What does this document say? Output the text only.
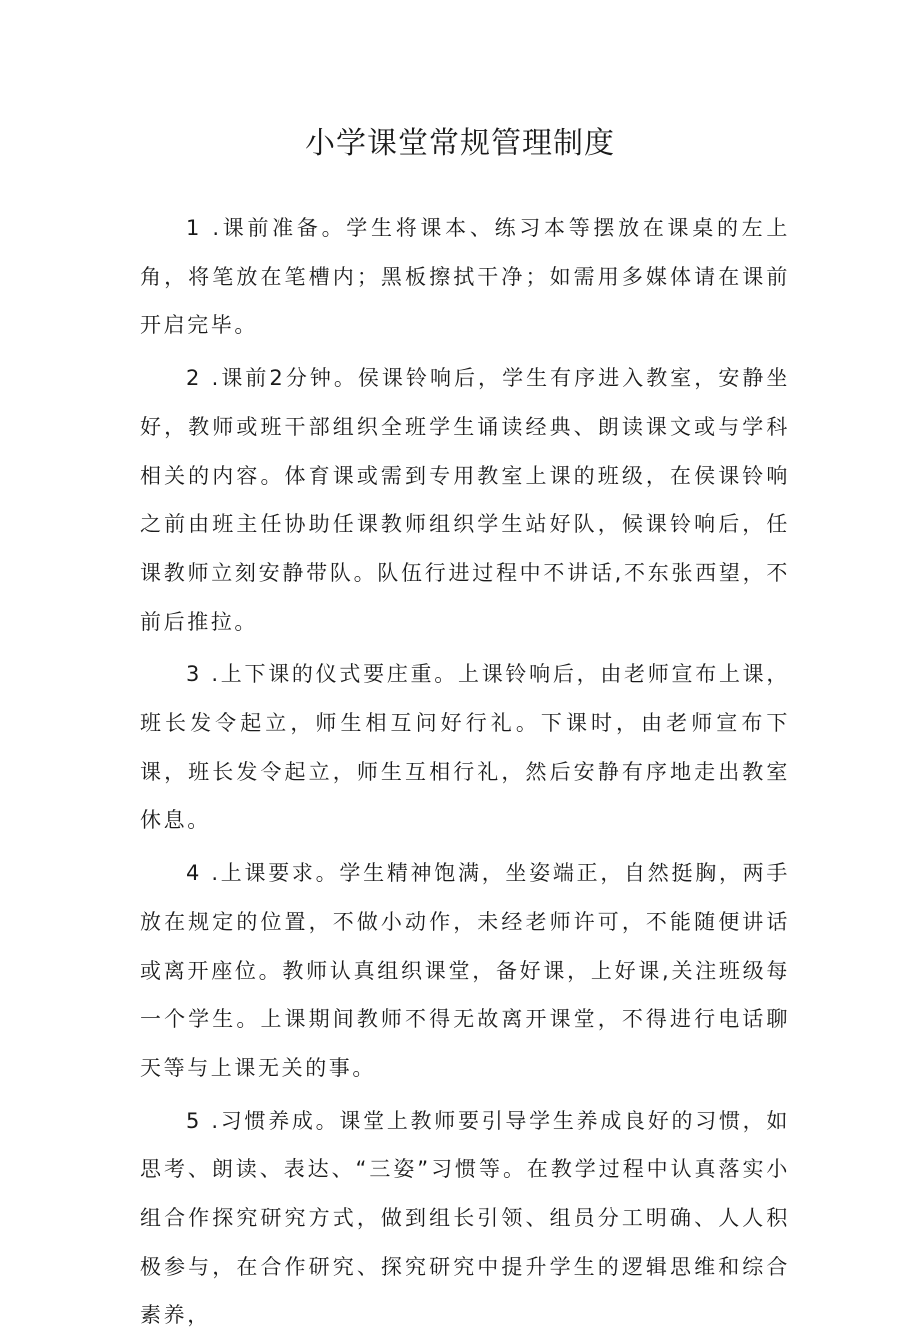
小学课堂常规管理制度

1 .课前准备。学生将课本、练习本等摆放在课桌的左上角，将笔放在笔槽内；黑板擦拭干净；如需用多媒体请在课前开启完毕。

2 .课前2分钟。侯课铃响后，学生有序进入教室，安静坐好，教师或班干部组织全班学生诵读经典、朗读课文或与学科相关的内容。体育课或需到专用教室上课的班级，在侯课铃响之前由班主任协助任课教师组织学生站好队，候课铃响后，任课教师立刻安静带队。队伍行进过程中不讲话,不东张西望，不前后推拉。

3 .上下课的仪式要庄重。上课铃响后，由老师宣布上课，班长发令起立，师生相互问好行礼。下课时，由老师宣布下课，班长发令起立，师生互相行礼，然后安静有序地走出教室休息。

4 .上课要求。学生精神饱满，坐姿端正，自然挺胸，两手放在规定的位置，不做小动作，未经老师许可，不能随便讲话或离开座位。教师认真组织课堂，备好课，上好课,关注班级每一个学生。上课期间教师不得无故离开课堂，不得进行电话聊天等与上课无关的事。

5 .习惯养成。课堂上教师要引导学生养成良好的习惯，如思考、朗读、表达、“三姿”习惯等。在教学过程中认真落实小组合作探究研究方式，做到组长引领、组员分工明确、人人积极参与，在合作研究、探究研究中提升学生的逻辑思维和综合素养，
